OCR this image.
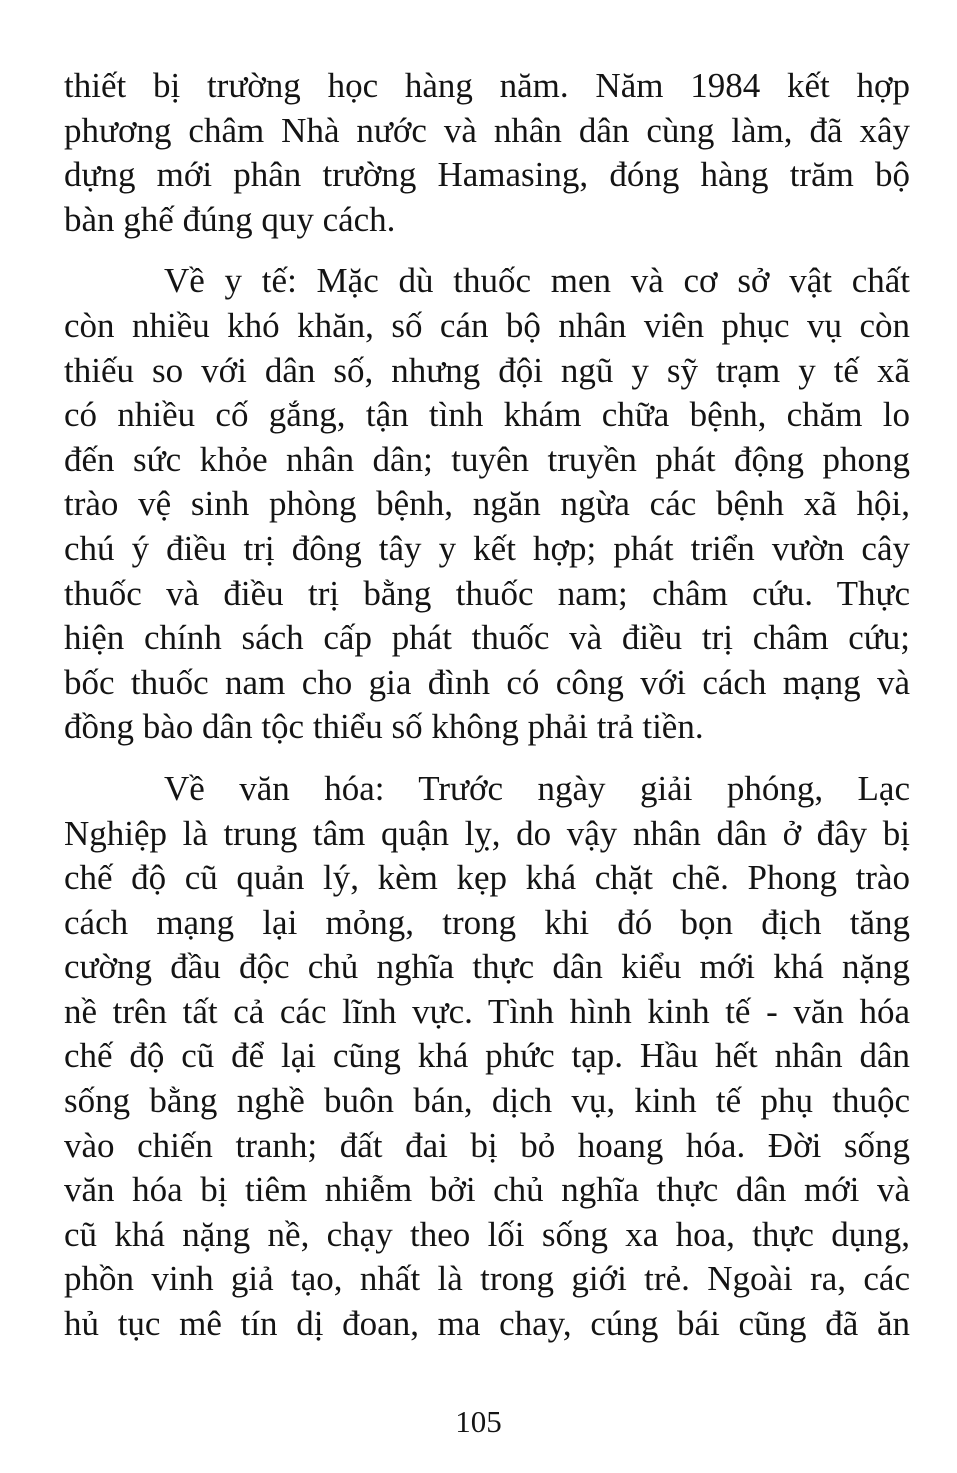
thiết bị trường học hàng năm. Năm 1984 kết hợp
phương châm Nhà nước và nhân dân cùng làm, đã xây
dựng mới phân trường Hamasing, đóng hàng trăm bộ
bàn ghế đúng quy cách.
Về y tế: Mặc dù thuốc men và cơ sở vật chất
còn nhiều khó khăn, số cán bộ nhân viên phục vụ còn
thiếu so với dân số, nhưng đội ngũ y sỹ trạm y tế xã
có nhiều cố gắng, tận tình khám chữa bệnh, chăm lo
đến sức khỏe nhân dân; tuyên truyền phát động phong
trào vệ sinh phòng bệnh, ngăn ngừa các bệnh xã hội,
chú ý điều trị đông tây y kết hợp; phát triển vườn cây
thuốc và điều trị bằng thuốc nam; châm cứu. Thực
hiện chính sách cấp phát thuốc và điều trị châm cứu;
bốc thuốc nam cho gia đình có công với cách mạng và
đồng bào dân tộc thiểu số không phải trả tiền.
Về văn hóa: Trước ngày giải phóng, Lạc
Nghiệp là trung tâm quận lỵ, do vậy nhân dân ở đây bị
chế độ cũ quản lý, kèm kẹp khá chặt chẽ. Phong trào
cách mạng lại mỏng, trong khi đó bọn địch tăng
cường đầu độc chủ nghĩa thực dân kiểu mới khá nặng
nề trên tất cả các lĩnh vực. Tình hình kinh tế - văn hóa
chế độ cũ để lại cũng khá phức tạp. Hầu hết nhân dân
sống bằng nghề buôn bán, dịch vụ, kinh tế phụ thuộc
vào chiến tranh; đất đai bị bỏ hoang hóa. Đời sống
văn hóa bị tiêm nhiễm bởi chủ nghĩa thực dân mới và
cũ khá nặng nề, chạy theo lối sống xa hoa, thực dụng,
phồn vinh giả tạo, nhất là trong giới trẻ. Ngoài ra, các
hủ tục mê tín dị đoan, ma chay, cúng bái cũng đã ăn
105
